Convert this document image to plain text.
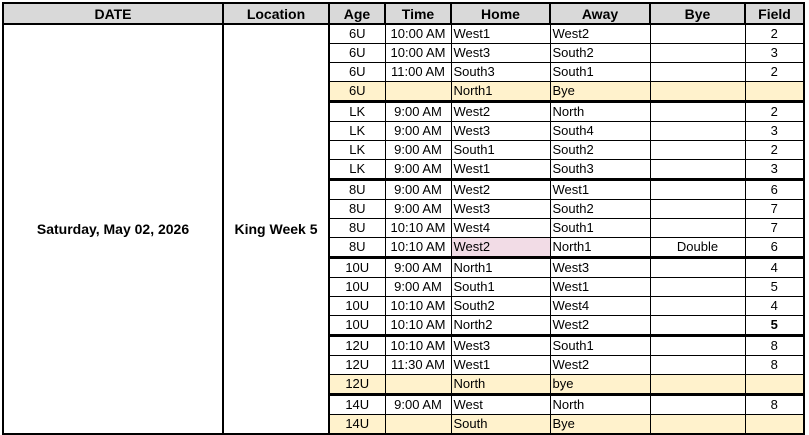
DATE	Location	Age	Time	Home	Away	Bye	Field
Saturday, May 02, 2026	King Week 5	6U	10:00 AM	West1	West2		2
		6U	10:00 AM	West3	South2		3
		6U	11:00 AM	South3	South1		2
		6U		North1	Bye		
		LK	9:00 AM	West2	North		2
		LK	9:00 AM	West3	South4		3
		LK	9:00 AM	South1	South2		2
		LK	9:00 AM	West1	South3		3
		8U	9:00 AM	West2	West1		6
		8U	9:00 AM	West3	South2		7
		8U	10:10 AM	West4	South1		7
		8U	10:10 AM	West2	North1	Double	6
		10U	9:00 AM	North1	West3		4
		10U	9:00 AM	South1	West1		5
		10U	10:10 AM	South2	West4		4
		10U	10:10 AM	North2	West2		5
		12U	10:10 AM	West3	South1		8
		12U	11:30 AM	West1	West2		8
		12U		North	bye		
		14U	9:00 AM	West	North		8
		14U		South	Bye		
